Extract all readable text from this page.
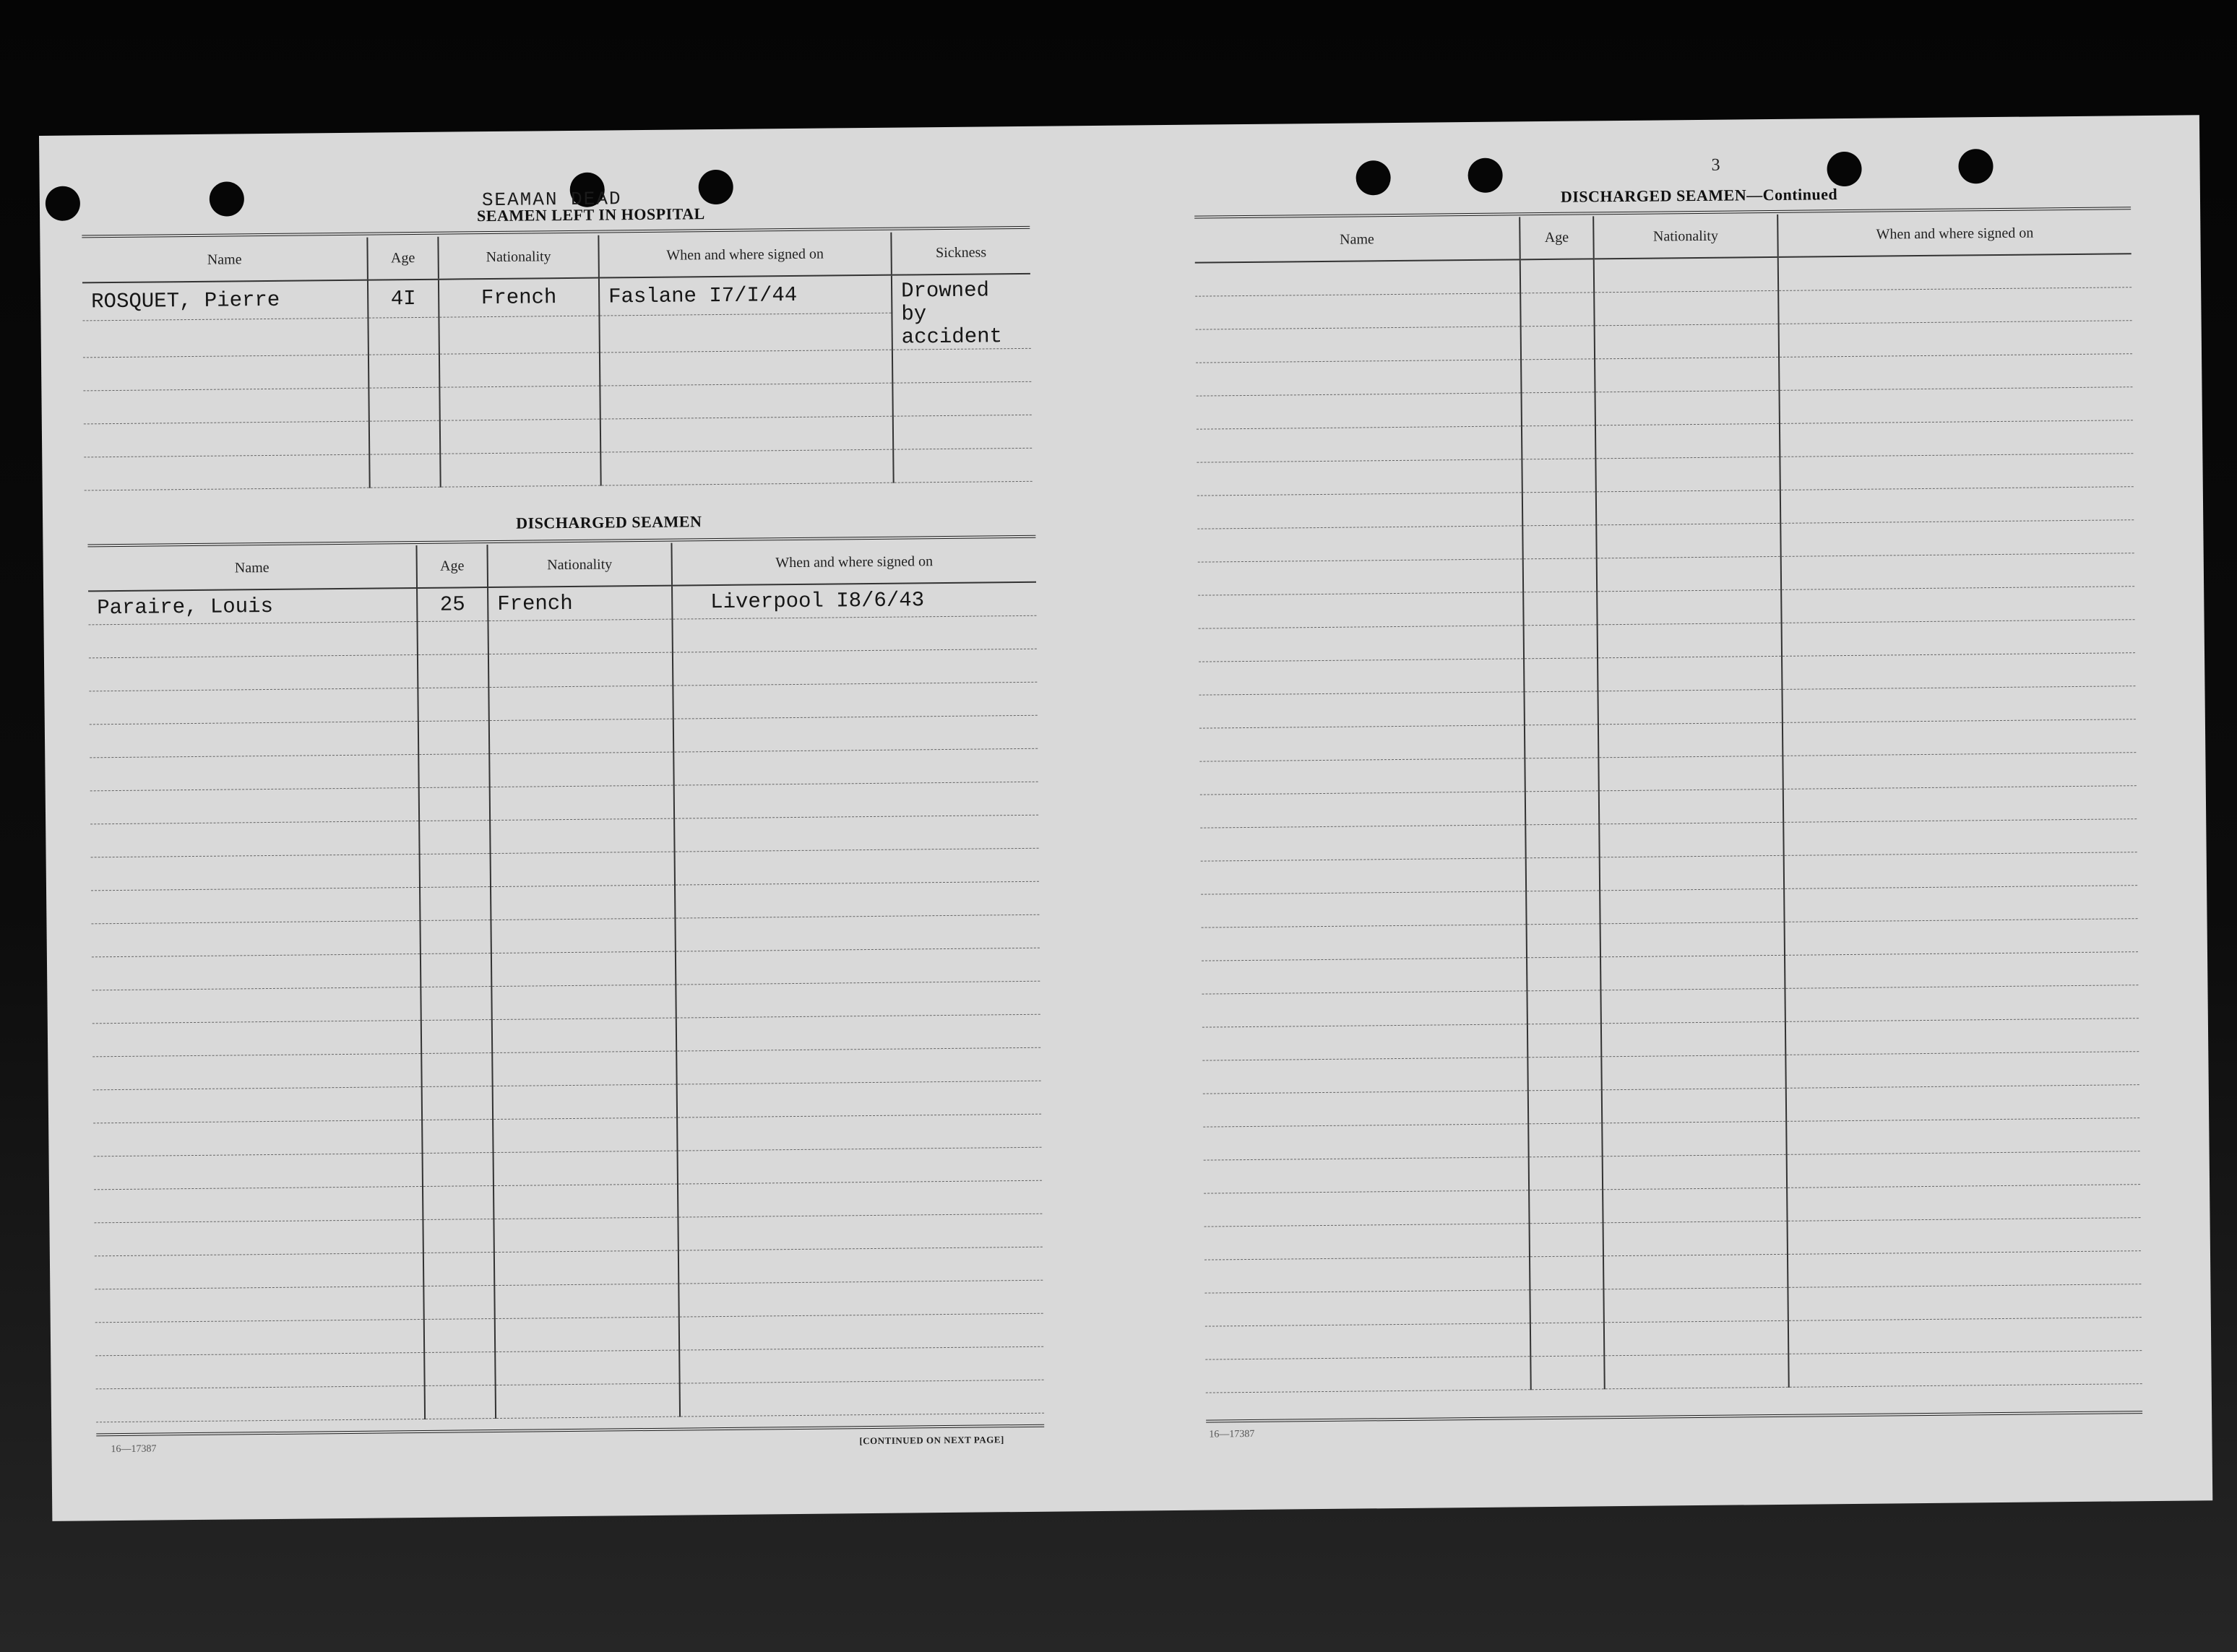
SEAMAN DEAD
SEAMEN LEFT IN HOSPITAL
Name	Age	Nationality	When and where signed on	Sickness
ROSQUET, Pierre	4I	French	Faslane I7/I/44	Drowned by accident

DISCHARGED SEAMEN
Name	Age	Nationality	When and where signed on
Paraire, Louis	25	French	Liverpool I8/6/43

16—17387
[CONTINUED ON NEXT PAGE]
3
DISCHARGED SEAMEN—Continued
Name	Age	Nationality	When and where signed on

16—17387
